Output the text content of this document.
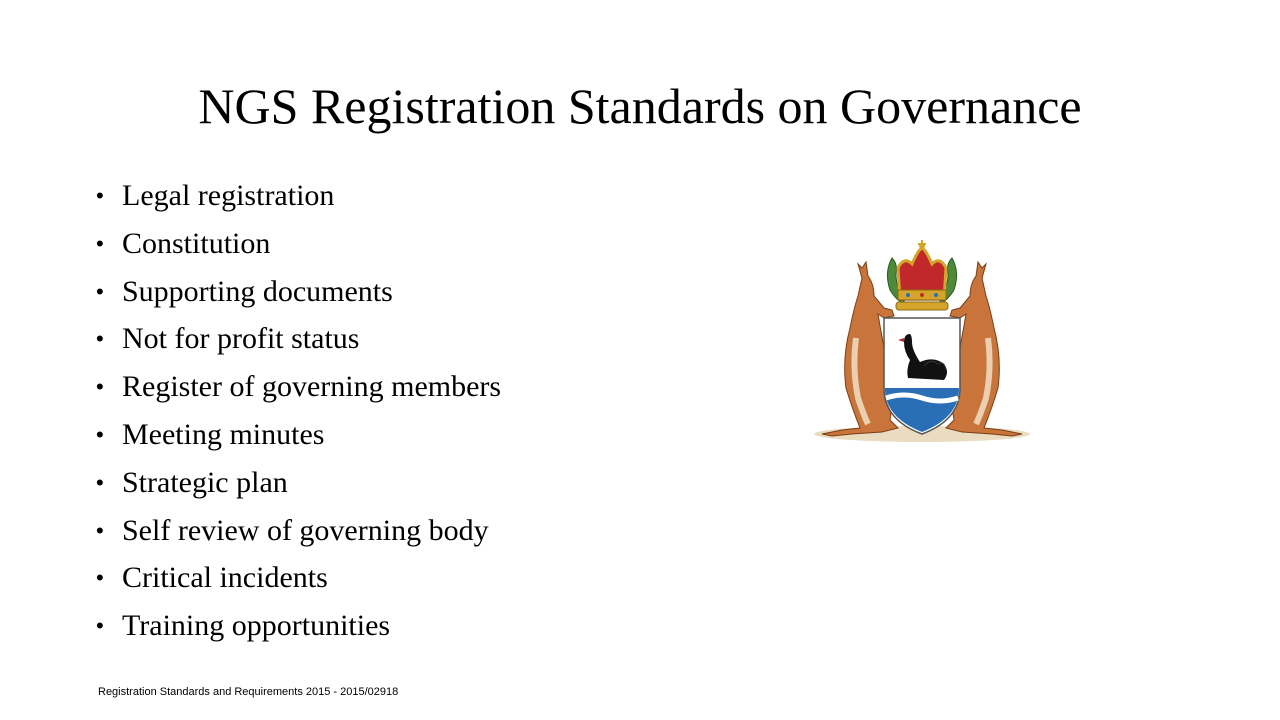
NGS Registration Standards on Governance
• Legal registration
• Constitution
• Supporting documents
• Not for profit status
• Register of governing members
• Meeting minutes
• Strategic plan
• Self review of governing body
• Critical incidents
• Training opportunities
Registration Standards and Requirements 2015 - 2015/02918
